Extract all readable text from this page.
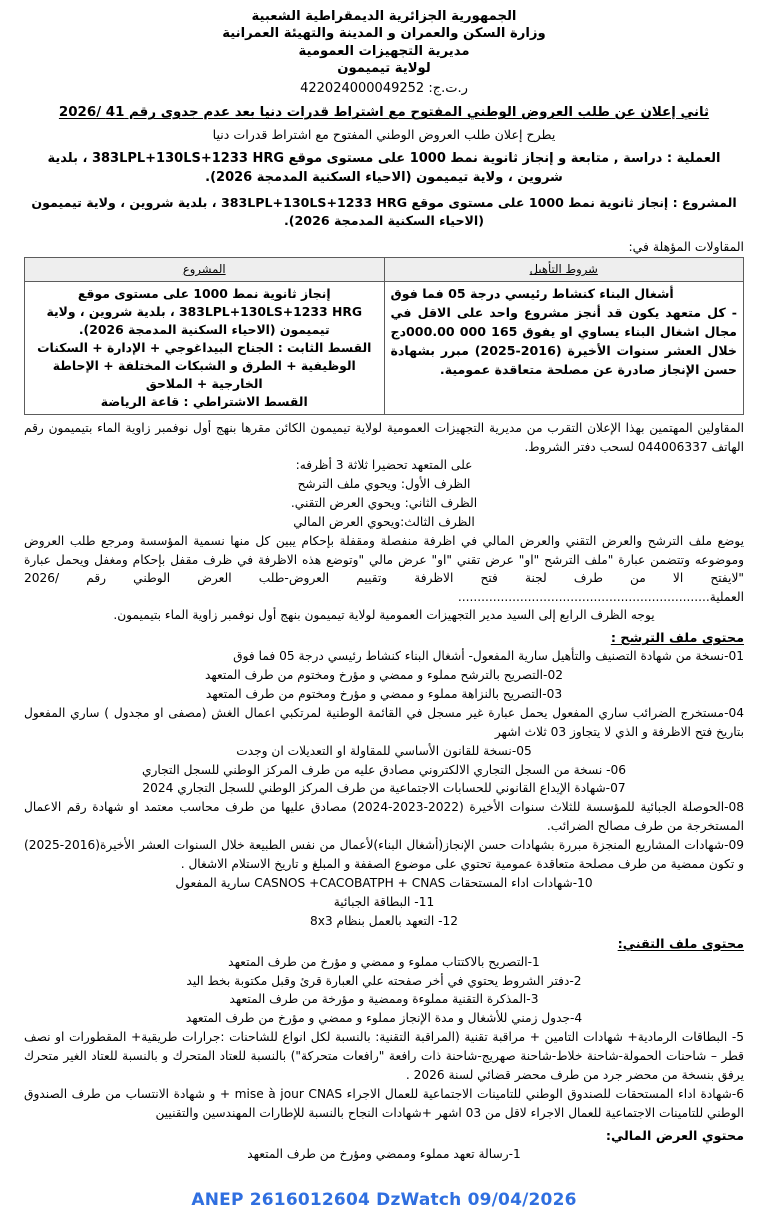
الجمهورية الجزائرية الديمقراطية الشعبية
وزارة السكن والعمران و المدينة والتهيئة العمرانية
مديرية التجهيزات العمومية
لولاية تيميمون
ر.ت.ج: 422024000049252
ثاني إعلان عن طلب العروض الوطني المفتوح مع اشتراط قدرات دنيا بعد عدم جدوى رقم 41 /2026
يطرح إعلان طلب العروض الوطني المفتوح مع اشتراط قدرات دنيا
العملية : دراسة , متابعة و إنجاز ثانوية نمط 1000 على مستوى موقع 383LPL+130LS+1233 HRG ، بلدية شروين ، ولاية تيميمون (الاحياء السكنية المدمجة 2026).
المشروع : إنجاز ثانوية نمط 1000 على مستوى موقع 383LPL+130LS+1233 HRG ، بلدية شروين ، ولاية تيميمون (الاحياء السكنية المدمجة 2026).
المقاولات المؤهلة في:
شروط التأهيل	المشروع

أشغال البناء كنشاط رئيسي درجة 05 فما فوق
- كل متعهد يكون قد أنجز مشروع واحد على الاقل في مجال اشغال البناء يساوي او يفوق 165 000 000.00دج خلال العشر سنوات الأخيرة (2016-2025) مبرر بشهادة حسن الإنجاز صادرة عن مصلحة متعاقدة عمومية.
	إنجاز ثانوية نمط 1000 على مستوى موقع 383LPL+130LS+1233 HRG ، بلدية شروين ، ولاية تيميمون (الاحياء السكنية المدمجة 2026).
القسط الثابت : الجناح البيداغوجي + الإدارة + السكنات الوظيفية + الطرق و الشبكات المختلفة + الإحاطة الخارجية + الملاحق
القسط الاشتراطي : قاعة الرياضة

المقاولين المهتمين بهذا الإعلان التقرب من مديرية التجهيزات العمومية لولاية تيميمون الكائن مقرها بنهج أول نوفمبر زاوية الماء بتيميمون رقم الهاتف 044006337 لسحب دفتر الشروط.

على المتعهد تحضيرا ثلاثة 3 أظرفه:

الظرف الأول: ويحوي ملف الترشح

الظرف الثاني: ويحوي العرض التقني.

الظرف الثالث:ويحوي العرض المالي

يوضع ملف الترشح والعرض التقني والعرض المالي في اظرفة منفصلة ومقفلة بإحكام يبين كل منها نسمية المؤسسة ومرجع طلب العروض وموضوعه وتتضمن عبارة "ملف الترشح "او" عرض تقني "او" عرض مالي "وتوضع هذه الاظرفة في ظرف مقفل بإحكام ومغفل ويحمل عبارة "لايفتح الا من طرف لجنة فتح الاظرفة وتقييم العروض-طلب العرض الوطني رقم /2026 العملية.................................................................

يوجه الظرف الرابع إلى السيد مدير التجهيزات العمومية لولاية تيميمون بنهج أول نوفمبر زاوية الماء بتيميمون.

محتوى ملف الترشح :
01-نسخة من شهادة التصنيف والتأهيل سارية المفعول- أشغال البناء كنشاط رئيسي درجة 05 فما فوق
02-التصريح بالترشح مملوء و ممضي و مؤرخ ومختوم من طرف المتعهد
03-التصريح بالنزاهة مملوء و ممضي و مؤرخ ومختوم من طرف المتعهد
04-مستخرج الضرائب ساري المفعول يحمل عبارة غير مسجل في القائمة الوطنية لمرتكبي اعمال الغش (مصفى او مجدول ) ساري المفعول بتاريخ فتح الاظرفة و الذي لا يتجاوز 03 ثلاث اشهر
05-نسخة للقانون الأساسي للمقاولة او التعديلات ان وجدت
06- نسخة من السجل التجاري الالكتروني مصادق عليه من طرف المركز الوطني للسجل التجاري
07-شهادة الإيداع القانوني للحسابات الاجتماعية من طرف المركز الوطني للسجل التجاري 2024
08-الحوصلة الجبائية للمؤسسة للثلاث سنوات الأخيرة (2022-2023-2024) مصادق عليها من طرف محاسب معتمد او شهادة رقم الاعمال المستخرجة من طرف مصالح الضرائب.
09-شهادات المشاريع المنجزة مبررة بشهادات حسن الإنجاز(أشغال البناء)لأعمال من نفس الطبيعة خلال السنوات العشر الأخيرة(2016-2025) و تكون ممضية من طرف مصلحة متعاقدة عمومية تحتوي على موضوع الصففة و المبلغ و تاريخ الاستلام الاشغال .
10-شهادات اداء المستحقات CASNOS +CACOBATPH + CNAS سارية المفعول
11- البطاقة الجبائية
12- التعهد بالعمل بنظام 8x3
محتوى ملف التقني:
1-التصريح بالاكتتاب مملوء و ممضي و مؤرخ من طرف المتعهد
2-دفتر الشروط يحتوي في أخر صفحته علي العبارة قرئ وقبل مكتوبة بخط اليد
3-المذكرة التقنية مملوءة وممضية و مؤرخة من طرف المتعهد
4-جدول زمني للأشغال و مدة الإنجاز مملوء و ممضي و مؤرخ من طرف المتعهد
5- البطاقات الرمادية+ شهادات التامين + مراقبة تقنية (المراقبة التقنية: بالنسبة لكل انواع للشاحنات :جرارات طريقية+ المقطورات او نصف قطر – شاحنات الحمولة-شاحنة خلاط-شاحنة صهريج-شاحنة ذات رافعة "رافعات متحركة") بالنسبة للعتاد المتحرك و بالنسبة للعتاد الغير متحرك يرفق بنسخة من محضر جرد من طرف محضر قضائي لسنة 2026 .
6-شهادة اداء المستحقات للصندوق الوطني للتامينات الاجتماعية للعمال الاجراء mise à jour CNAS + و شهادة الانتساب من طرف الصندوق الوطني للتامينات الاجتماعية للعمال الاجراء لاقل من 03 اشهر +شهادات النجاح بالنسبة للإطارات المهندسين والتقنيين
محتوي العرض المالي:
1-رسالة تعهد مملوء وممضي ومؤرخ من طرف المتعهد
ANEP 2616012604 DzWatch 09/04/2026
